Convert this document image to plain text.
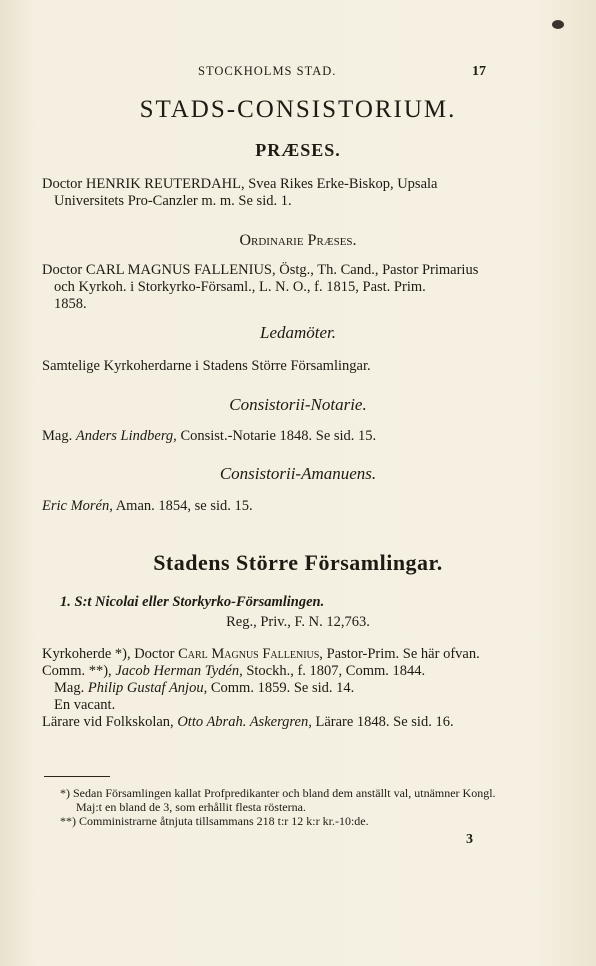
STOCKHOLMS STAD.	17
STADS-CONSISTORIUM.
PRÆSES.
Doctor HENRIK REUTERDAHL, Svea Rikes Erke-Biskop, Upsala
Universitets Pro-Canzler m. m. Se sid. 1.
Ordinarie Præses.
Doctor CARL MAGNUS FALLENIUS, Östg., Th. Cand., Pastor Primarius
och Kyrkoh. i Storkyrko-Församl., L. N. O., f. 1815, Past. Prim.
1858.
Ledamöter.
Samtelige Kyrkoherdarne i Stadens Större Församlingar.
Consistorii-Notarie.
Mag. Anders Lindberg, Consist.-Notarie 1848. Se sid. 15.
Consistorii-Amanuens.
Eric Morén, Aman. 1854, se sid. 15.
Stadens Större Församlingar.
1. S:t Nicolai eller Storkyrko-Församlingen.
Reg., Priv., F. N. 12,763.
Kyrkoherde *), Doctor Carl Magnus Fallenius, Pastor-Prim. Se här ofvan.
Comm. **), Jacob Herman Tydén, Stockh., f. 1807, Comm. 1844.
Mag. Philip Gustaf Anjou, Comm. 1859. Se sid. 14.
En vacant.
Lärare vid Folkskolan, Otto Abrah. Askergren, Lärare 1848. Se sid. 16.
*) Sedan Församlingen kallat Profpredikanter och bland dem anställt val, utnämner Kongl. Maj:t en bland de 3, som erhållit flesta rösterna.
**) Comministrarne åtnjuta tillsammans 218 t:r 12 k:r kr.-10:de.
3
